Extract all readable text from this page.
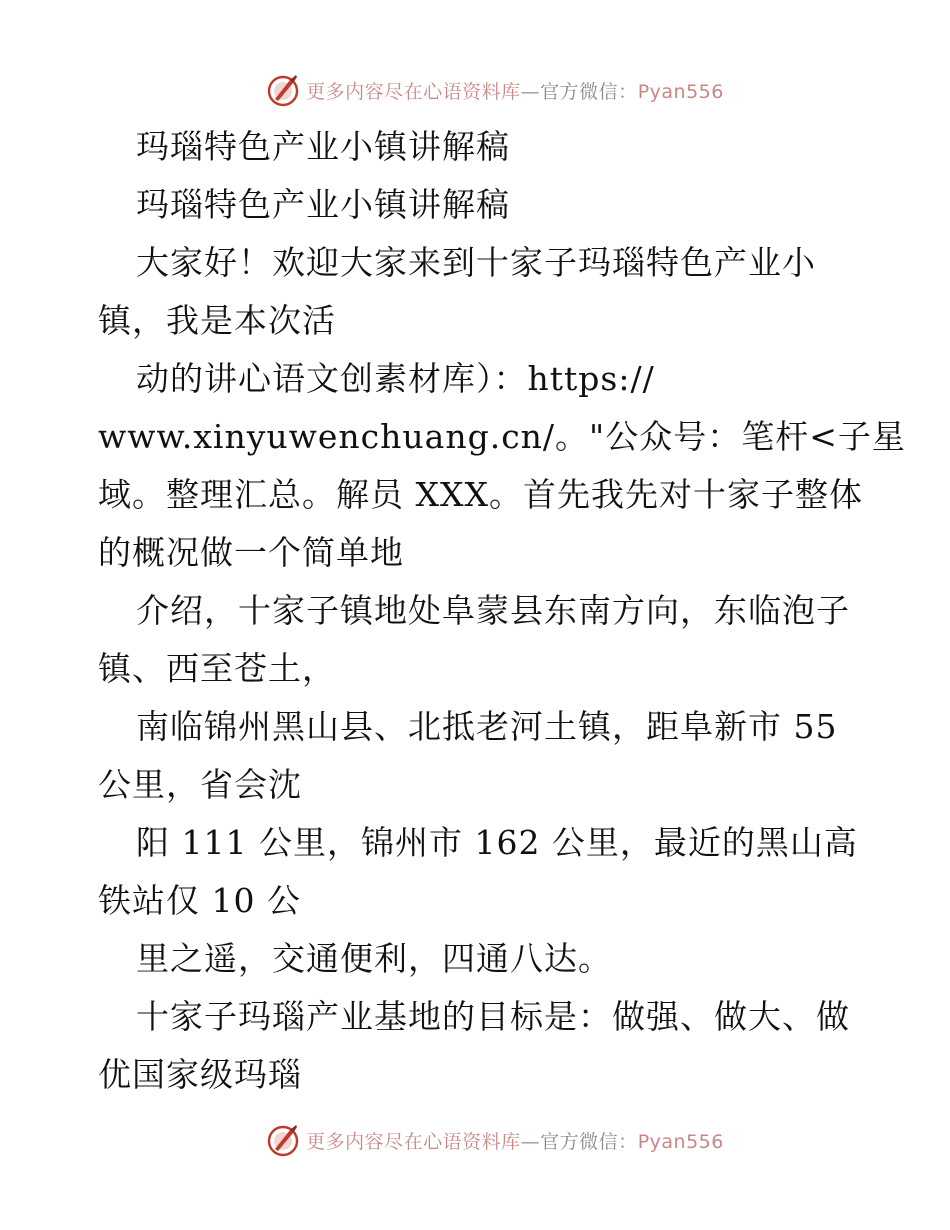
更多内容尽在心语资料库—官方微信：Pyan556
玛瑙特色产业小镇讲解稿
玛瑙特色产业小镇讲解稿
大家好！欢迎大家来到十家子玛瑙特色产业小
镇，我是本次活
动的讲心语文创素材库）：https://
www.xinyuwenchuang.cn/。"公众号：笔杆<子星
域。整理汇总。解员 XXX。首先我先对十家子整体
的概况做一个简单地
介绍，十家子镇地处阜蒙县东南方向，东临泡子
镇、西至苍土，
南临锦州黑山县、北抵老河土镇，距阜新市 55
公里，省会沈
阳 111 公里，锦州市 162 公里，最近的黑山高
铁站仅 10 公
里之遥，交通便利，四通八达。
十家子玛瑙产业基地的目标是：做强、做大、做
优国家级玛瑙
更多内容尽在心语资料库—官方微信：Pyan556
